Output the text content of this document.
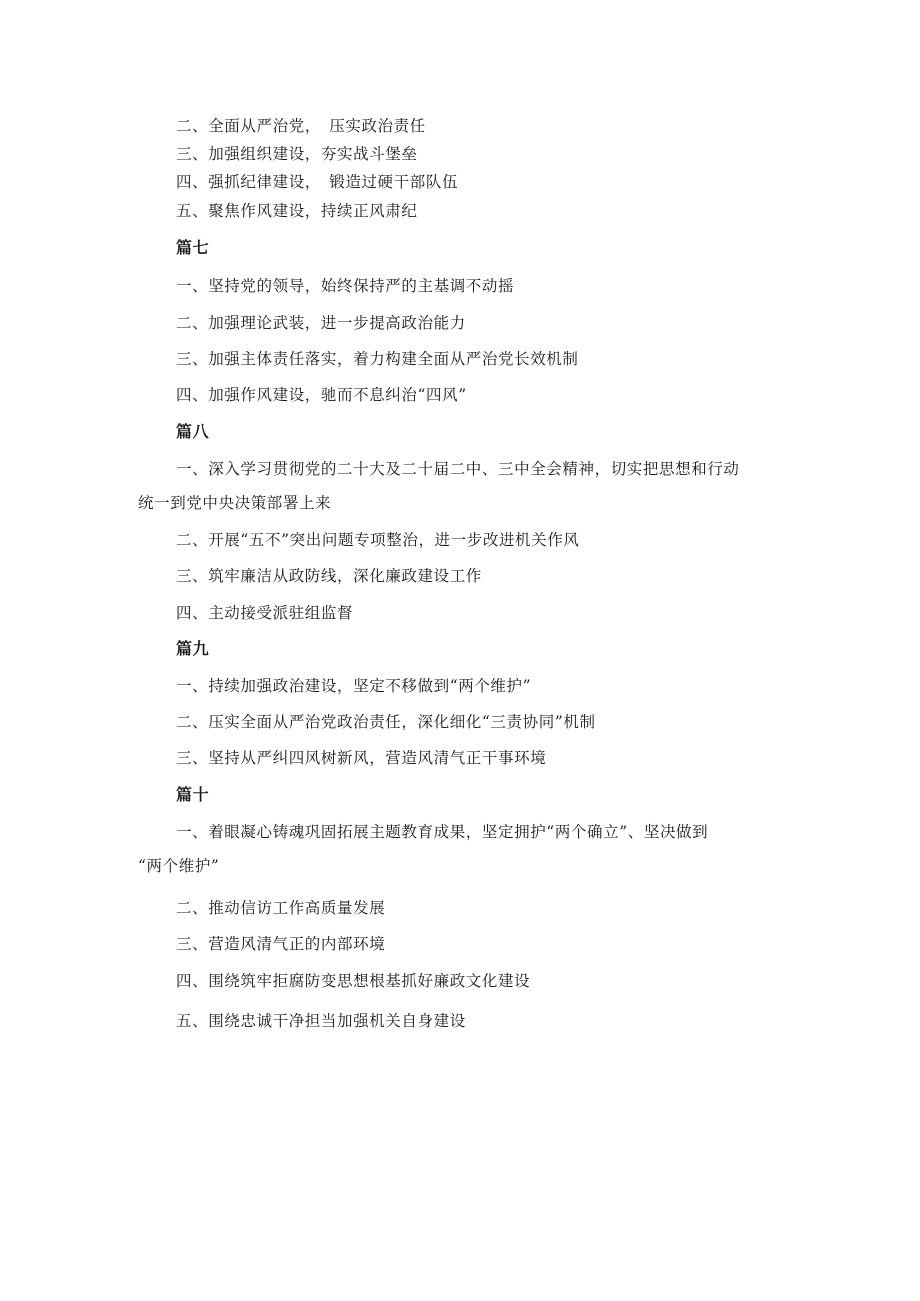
二、全面从严治党，　压实政治责任
三、加强组织建设，夯实战斗堡垒
四、强抓纪律建设，　锻造过硬干部队伍
五、聚焦作风建设，持续正风肃纪
篇七
一、坚持党的领导，始终保持严的主基调不动摇
二、加强理论武装，进一步提高政治能力
三、加强主体责任落实，着力构建全面从严治党长效机制
四、加强作风建设，驰而不息纠治“四风”
篇八
一、深入学习贯彻党的二十大及二十届二中、三中全会精神，切实把思想和行动
统一到党中央决策部署上来
二、开展“五不”突出问题专项整治，进一步改进机关作风
三、筑牢廉洁从政防线，深化廉政建设工作
四、主动接受派驻组监督
篇九
一、持续加强政治建设，坚定不移做到“两个维护”
二、压实全面从严治党政治责任，深化细化“三责协同”机制
三、坚持从严纠四风树新风，营造风清气正干事环境
篇十
一、着眼凝心铸魂巩固拓展主题教育成果，坚定拥护“两个确立”、坚决做到
“两个维护”
二、推动信访工作高质量发展
三、营造风清气正的内部环境
四、围绕筑牢拒腐防变思想根基抓好廉政文化建设
五、围绕忠诚干净担当加强机关自身建设
